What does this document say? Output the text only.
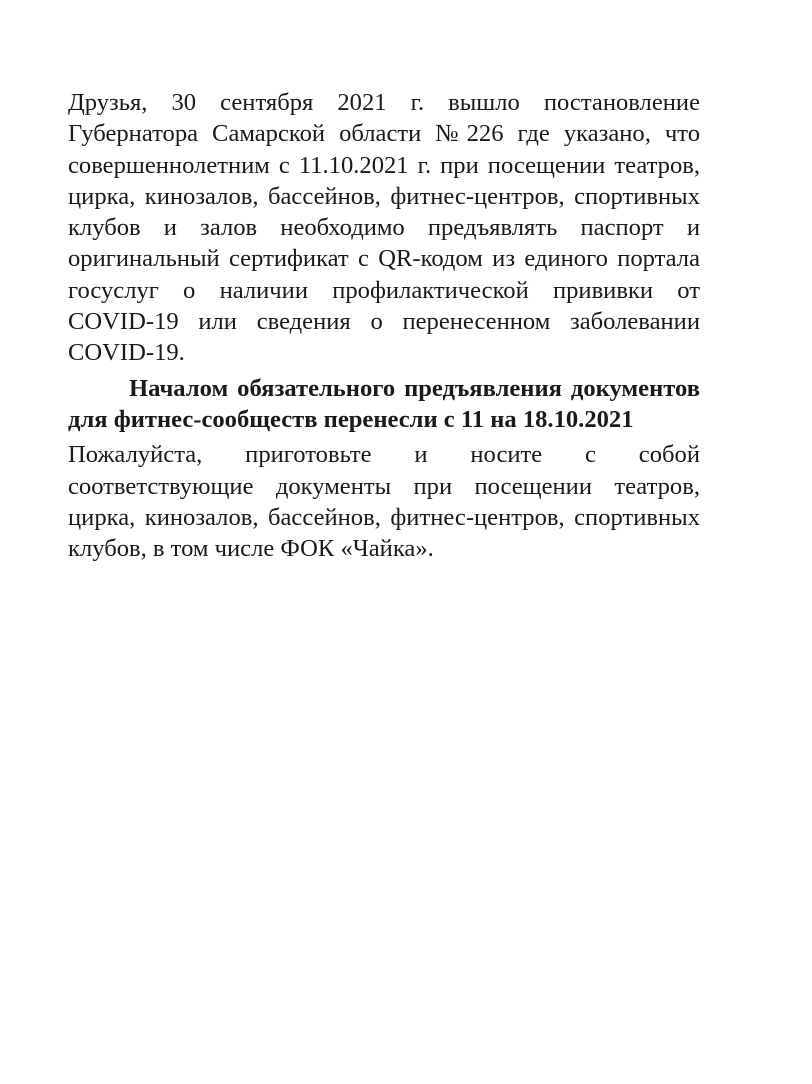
Друзья, 30 сентября 2021 г. вышло постановление Губернатора Самарской области №226 где указано, что совершеннолетним с 11.10.2021 г. при посещении театров, цирка, кинозалов, бассейнов, фитнес-центров, спортивных клубов и залов необходимо предъявлять паспорт и оригинальный сертификат с QR-кодом из единого портала госуслуг о наличии профилактической прививки от COVID-19 или сведения о перенесенном заболевании COVID-19.

Началом обязательного предъявления документов для фитнес-сообществ перенесли с 11 на 18.10.2021

Пожалуйста, приготовьте и носите с собой соответствующие документы при посещении театров, цирка, кинозалов, бассейнов, фитнес-центров, спортивных клубов, в том числе ФОК «Чайка».
